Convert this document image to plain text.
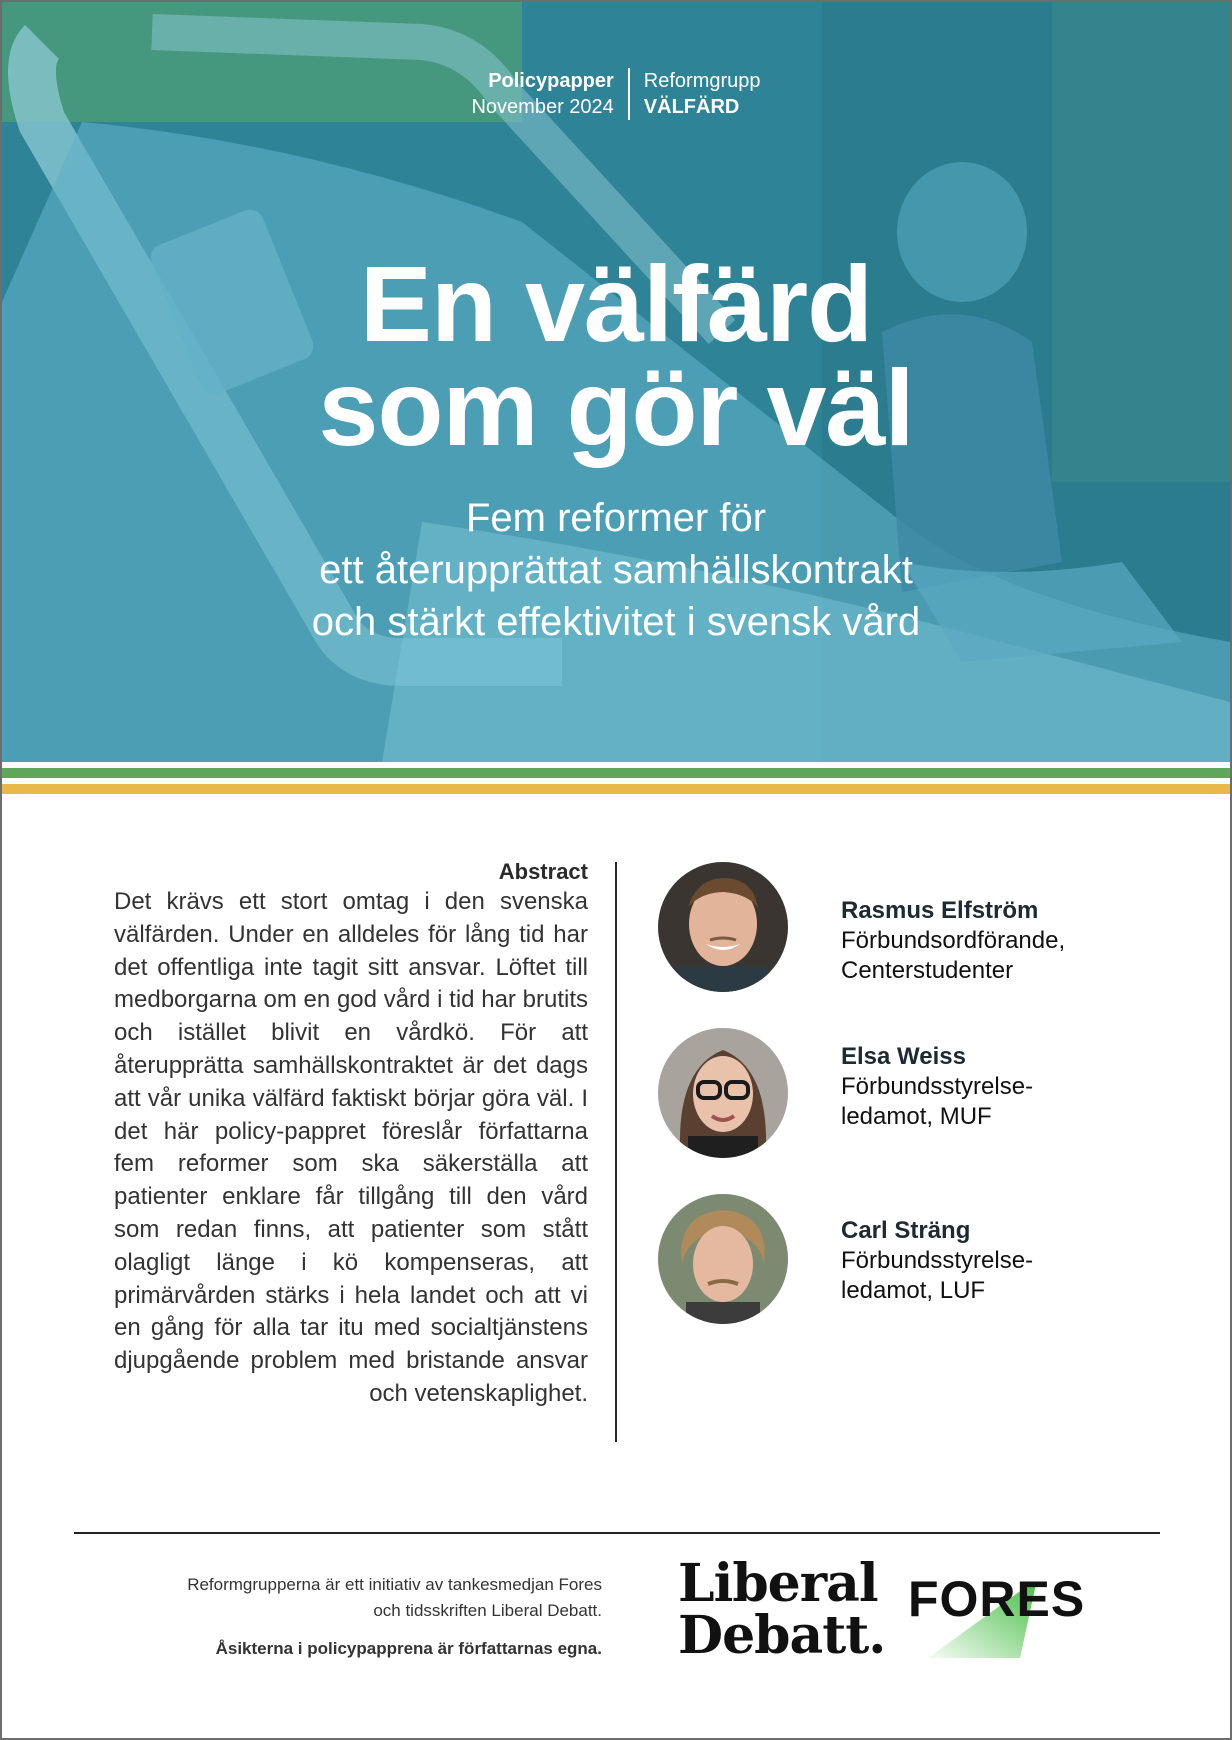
Policypapper
November 2024
Reformgrupp
VÄLFÄRD
En välfärd
som gör väl
Fem reformer för
ett återupprättat samhällskontrakt
och stärkt effektivitet i svensk vård
Abstract
Det krävs ett stort omtag i den svenska välfärden. Under en alldeles för lång tid har det offentliga inte tagit sitt ansvar. Löftet till medborgarna om en god vård i tid har brutits och istället blivit en vårdkö. För att återupprätta samhällskontraktet är det dags att vår unika välfärd faktiskt börjar göra väl. I det här policy-pappret föreslår författarna fem reformer som ska säkerställa att patienter enklare får tillgång till den vård som redan finns, att patienter som stått olagligt länge i kö kompenseras, att primärvården stärks i hela landet och att vi en gång för alla tar itu med socialtjänstens djupgående problem med bristande ansvar och vetenskaplighet.
Rasmus Elfström
Förbundsordförande,
Centerstudenter
Elsa Weiss
Förbundsstyrelse-
ledamot, MUF
Carl Sträng
Förbundsstyrelse-
ledamot, LUF
Reformgrupperna är ett initiativ av tankesmedjan Fores
och tidsskriften Liberal Debatt.
Åsikterna i policypapprena är författarnas egna.
Liberal
Debatt.
FORES
